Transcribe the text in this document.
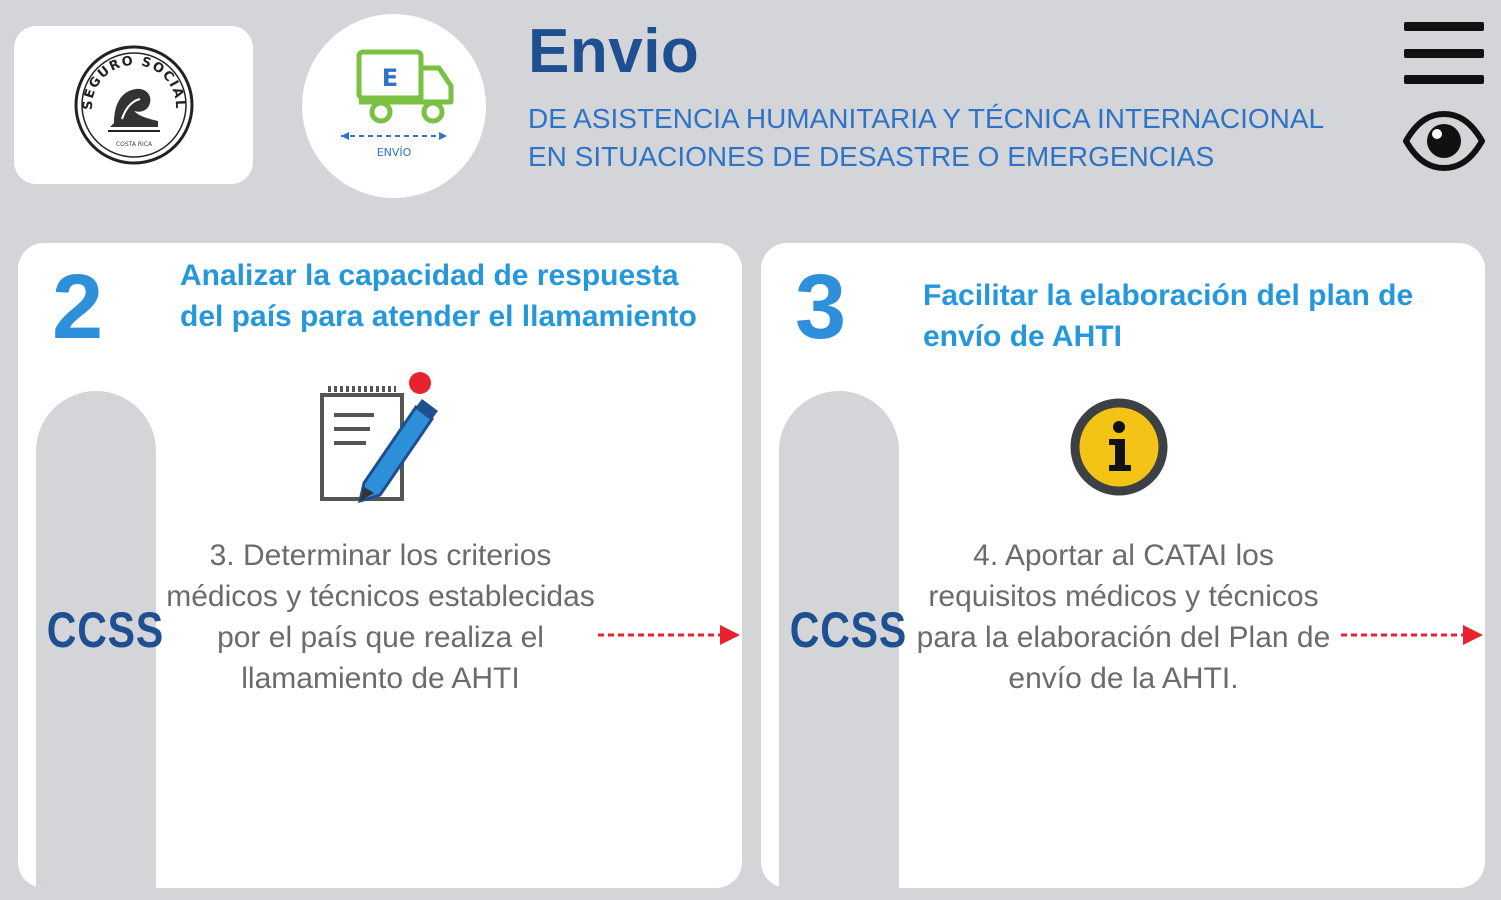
SEGURO SOCIAL
COSTA RICA
E
ENVÍO
Envio
DE ASISTENCIA HUMANITARIA Y TÉCNICA INTERNACIONAL
EN SITUACIONES DE DESASTRE O EMERGENCIAS
CCSS
2	Analizar la capacidad de respuesta del país para atender el llamamiento
3. Determinar los criterios médicos y técnicos establecidas por el país que realiza el llamamiento de AHTI
CCSS
3	Facilitar la elaboración del plan de envío de AHTI
4. Aportar al CATAI los requisitos médicos y técnicos para la elaboración del Plan de envío de la AHTI.
